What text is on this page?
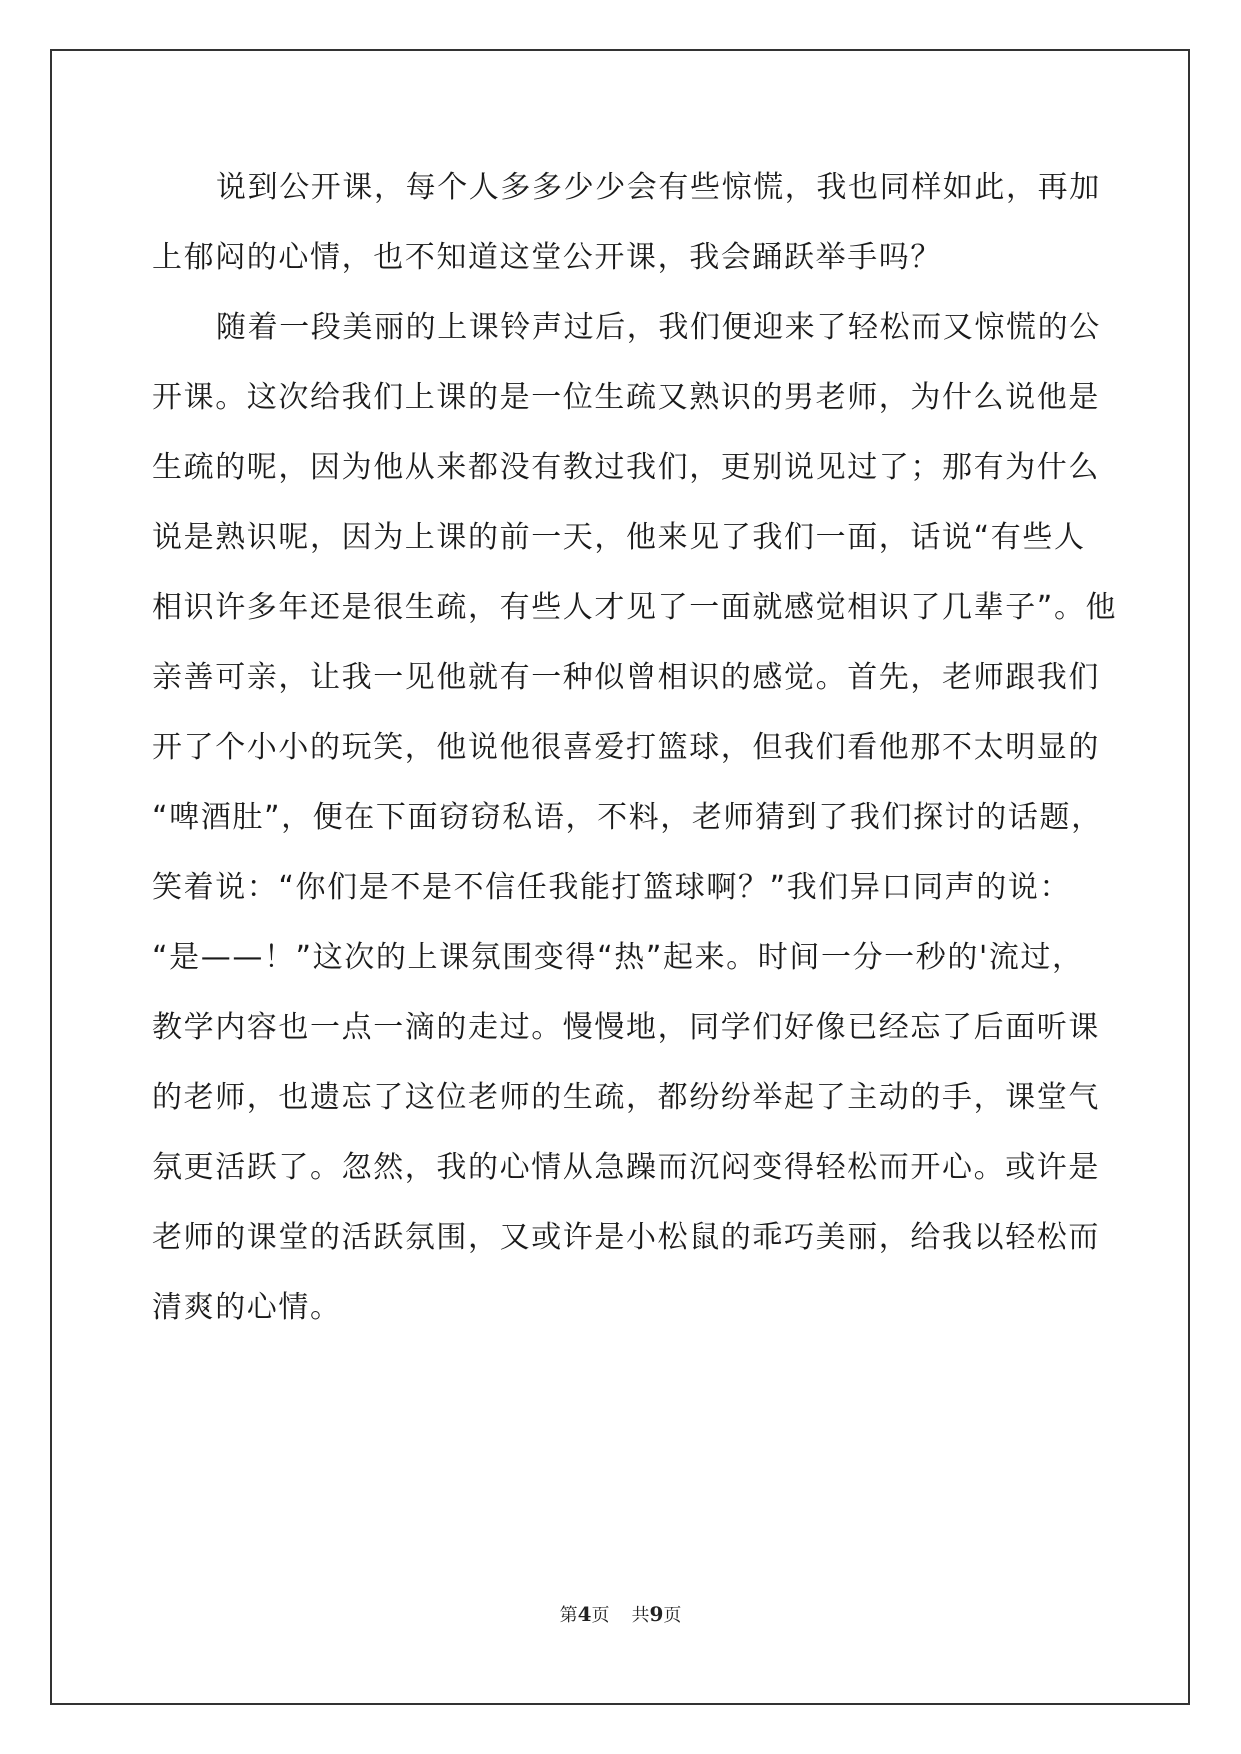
说到公开课，每个人多多少少会有些惊慌，我也同样如此，再加

上郁闷的心情，也不知道这堂公开课，我会踊跃举手吗？

随着一段美丽的上课铃声过后，我们便迎来了轻松而又惊慌的公

开课。这次给我们上课的是一位生疏又熟识的男老师，为什么说他是

生疏的呢，因为他从来都没有教过我们，更别说见过了；那有为什么

说是熟识呢，因为上课的前一天，他来见了我们一面，话说“有些人

相识许多年还是很生疏，有些人才见了一面就感觉相识了几辈子”。他

亲善可亲，让我一见他就有一种似曾相识的感觉。首先，老师跟我们

开了个小小的玩笑，他说他很喜爱打篮球，但我们看他那不太明显的

“啤酒肚”，便在下面窃窃私语，不料，老师猜到了我们探讨的话题，

笑着说：“你们是不是不信任我能打篮球啊？”我们异口同声的说：

“是——！”这次的上课氛围变得“热”起来。时间一分一秒的'流过，

教学内容也一点一滴的走过。慢慢地，同学们好像已经忘了后面听课

的老师，也遗忘了这位老师的生疏，都纷纷举起了主动的手，课堂气

氛更活跃了。忽然，我的心情从急躁而沉闷变得轻松而开心。或许是

老师的课堂的活跃氛围，又或许是小松鼠的乖巧美丽，给我以轻松而

清爽的心情。

第4页 共9页
